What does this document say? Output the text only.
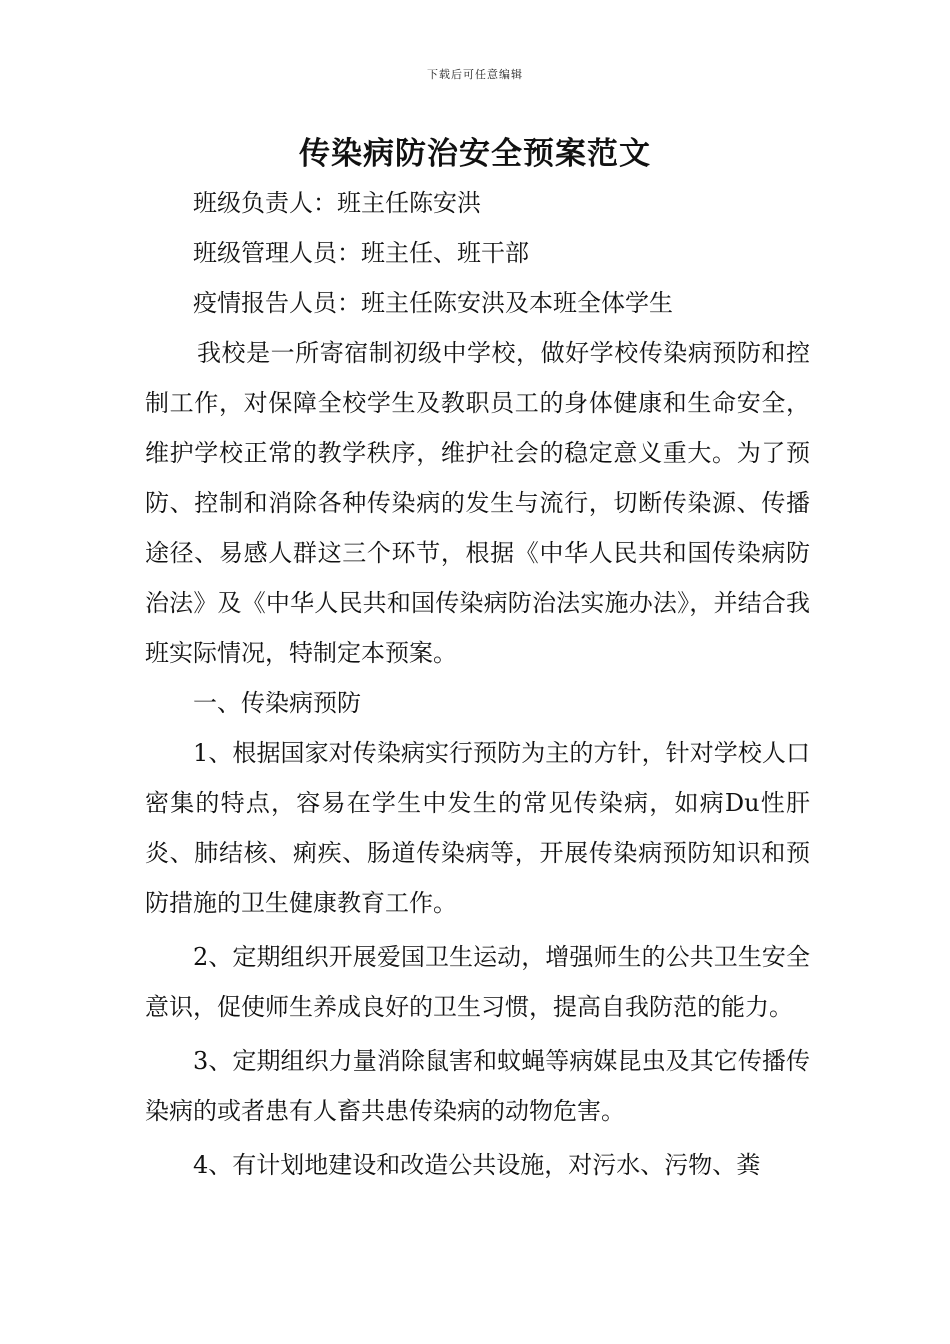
下载后可任意编辑
传染病防治安全预案范文

班级负责人：班主任陈安洪

班级管理人员：班主任、班干部

疫情报告人员：班主任陈安洪及本班全体学生

我校是一所寄宿制初级中学校，做好学校传染病预防和控制工作，对保障全校学生及教职员工的身体健康和生命安全，维护学校正常的教学秩序，维护社会的稳定意义重大。为了预防、控制和消除各种传染病的发生与流行，切断传染源、传播途径、易感人群这三个环节，根据《中华人民共和国传染病防治法》及《中华人民共和国传染病防治法实施办法》，并结合我班实际情况，特制定本预案。

一、传染病预防

1、根据国家对传染病实行预防为主的方针，针对学校人口密集的特点，容易在学生中发生的常见传染病，如病Du性肝炎、肺结核、痢疾、肠道传染病等，开展传染病预防知识和预防措施的卫生健康教育工作。

2、定期组织开展爱国卫生运动，增强师生的公共卫生安全意识，促使师生养成良好的卫生习惯，提高自我防范的能力。

3、定期组织力量消除鼠害和蚊蝇等病媒昆虫及其它传播传染病的或者患有人畜共患传染病的动物危害。

4、有计划地建设和改造公共设施，对污水、污物、粪
